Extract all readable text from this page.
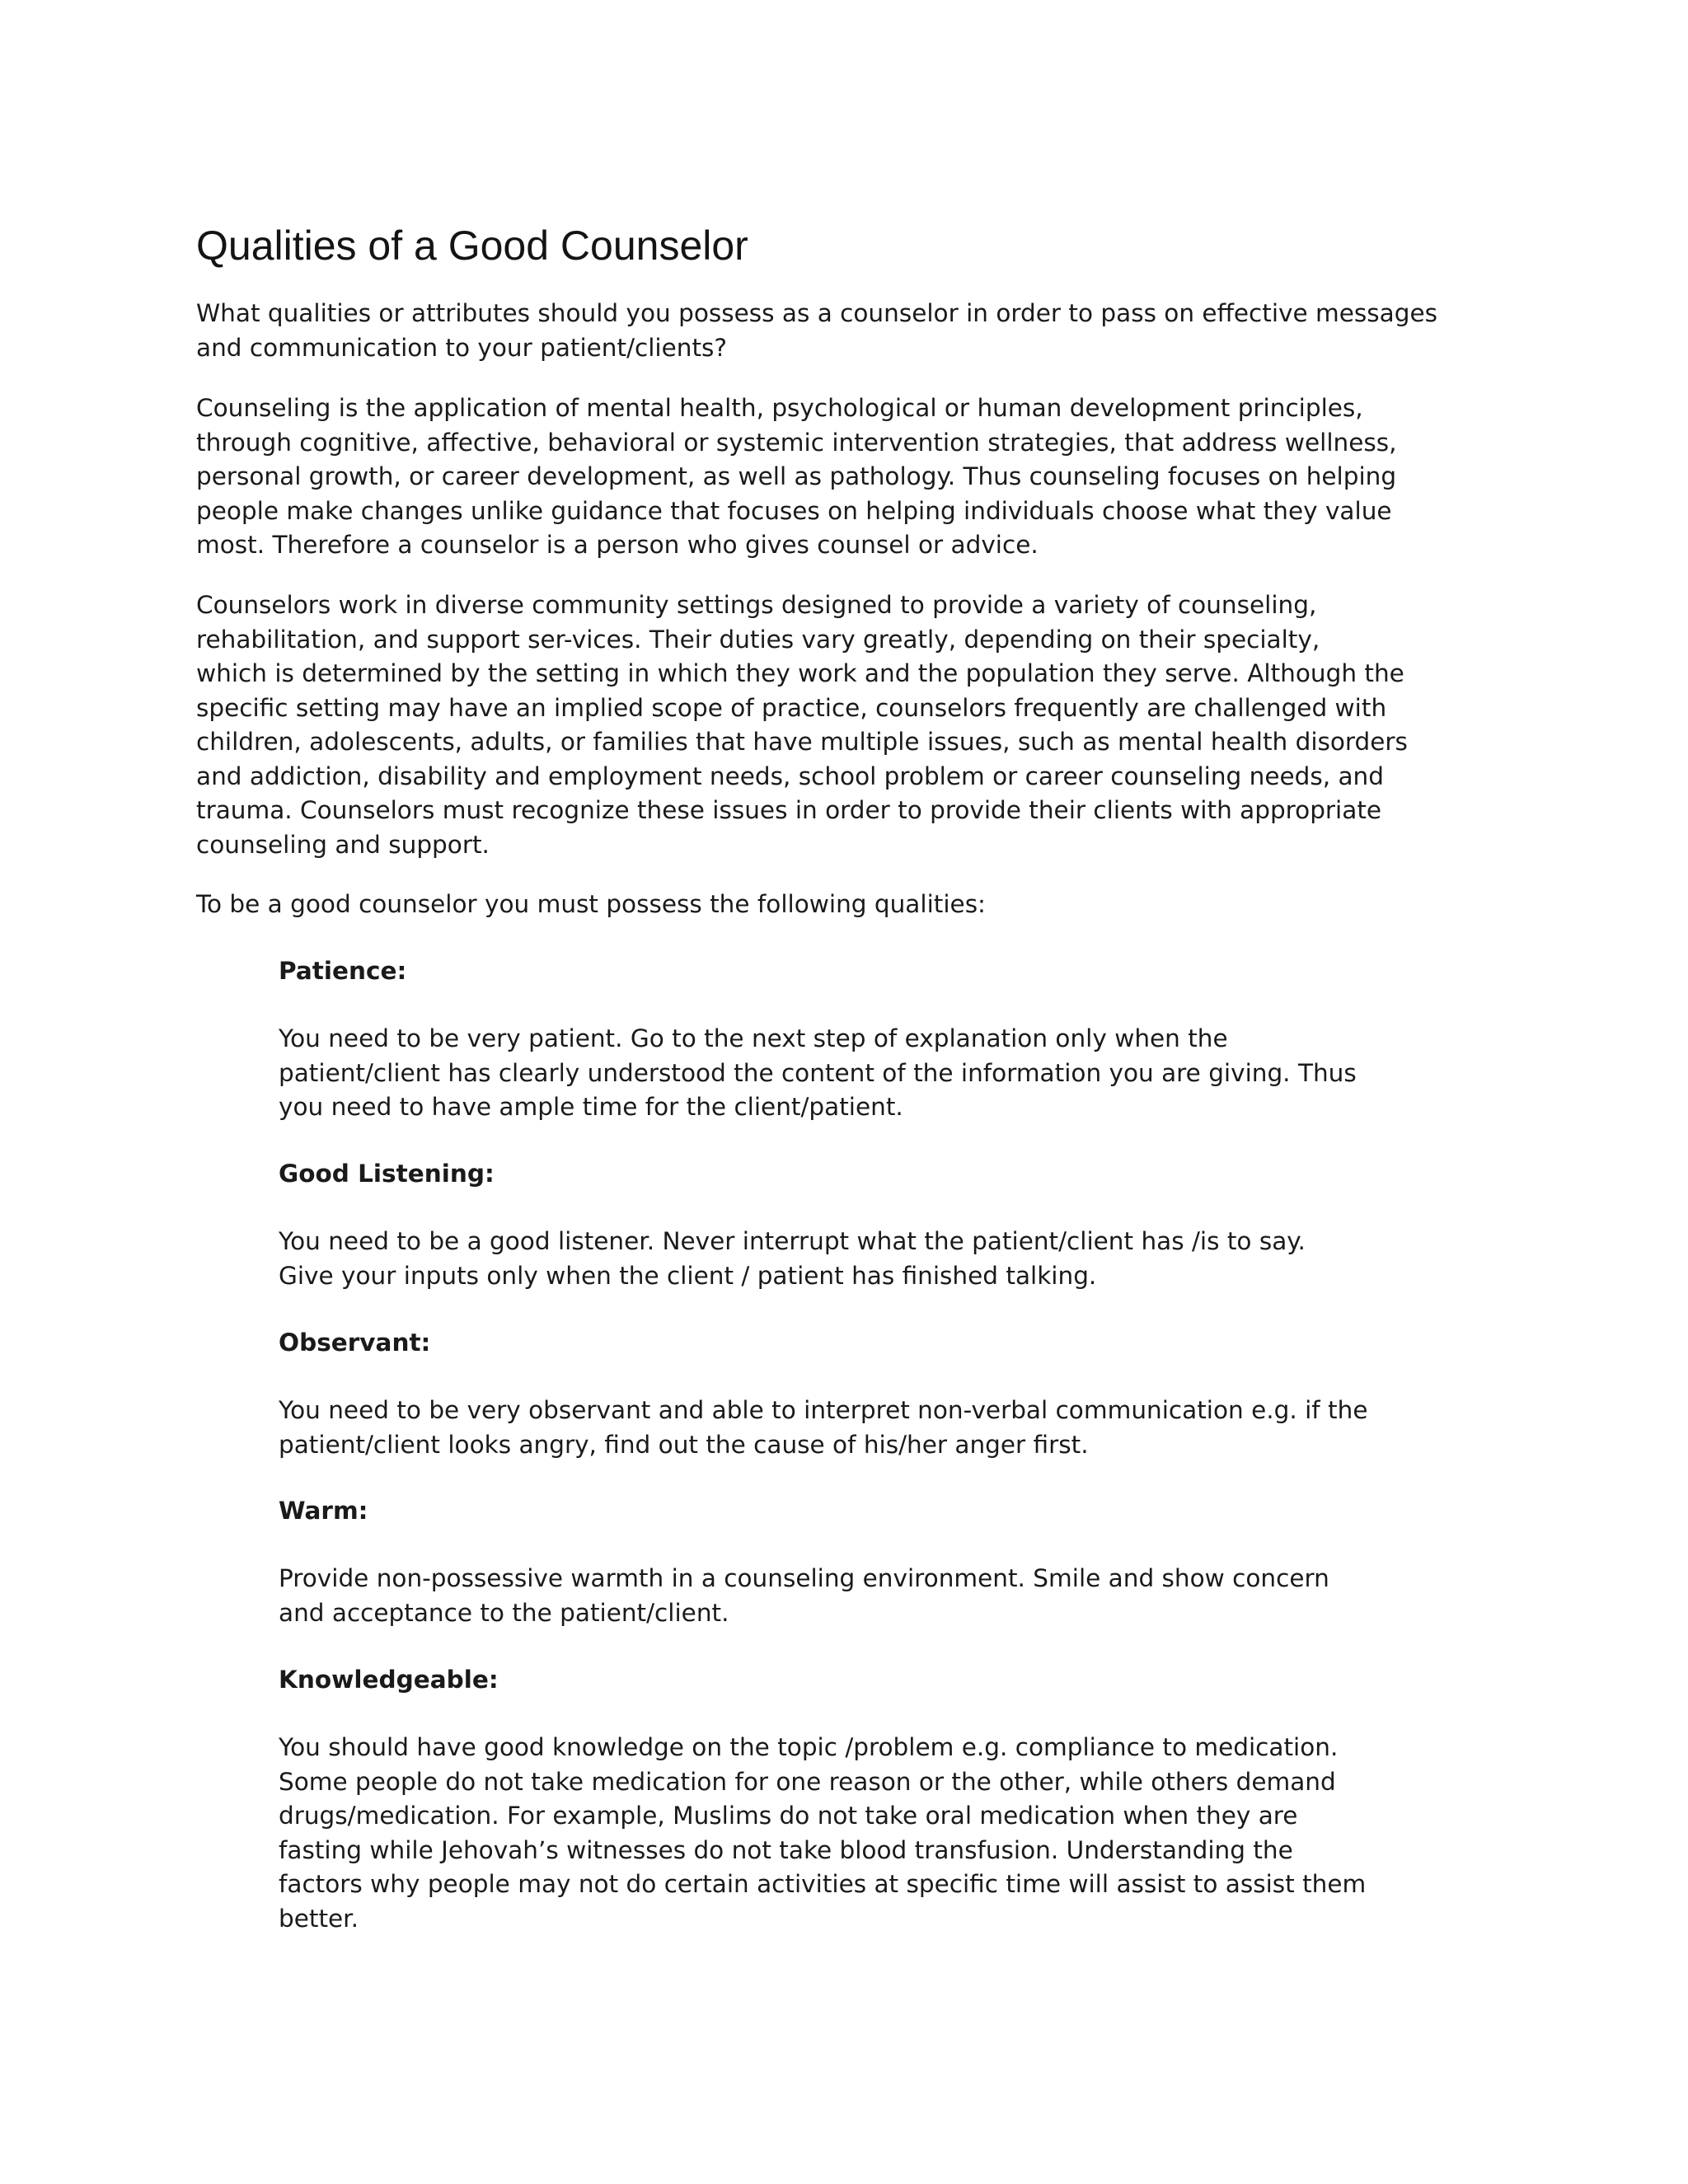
Qualities of a Good Counselor

What qualities or attributes should you possess as a counselor in order to pass on effective messages
and communication to your patient/clients?

Counseling is the application of mental health, psychological or human development principles,
through cognitive, affective, behavioral or systemic intervention strategies, that address wellness,
personal growth, or career development, as well as pathology. Thus counseling focuses on helping
people make changes unlike guidance that focuses on helping individuals choose what they value
most. Therefore a counselor is a person who gives counsel or advice.

Counselors work in diverse community settings designed to provide a variety of counseling,
rehabilitation, and support ser-vices. Their duties vary greatly, depending on their specialty,
which is determined by the setting in which they work and the population they serve. Although the
specific setting may have an implied scope of practice, counselors frequently are challenged with
children, adolescents, adults, or families that have multiple issues, such as mental health disorders
and addiction, disability and employment needs, school problem or career counseling needs, and
trauma. Counselors must recognize these issues in order to provide their clients with appropriate
counseling and support.

To be a good counselor you must possess the following qualities:

Patience:

You need to be very patient. Go to the next step of explanation only when the
patient/client has clearly understood the content of the information you are giving. Thus
you need to have ample time for the client/patient.

Good Listening:

You need to be a good listener. Never interrupt what the patient/client has /is to say.
Give your inputs only when the client / patient has finished talking.

Observant:

You need to be very observant and able to interpret non-verbal communication e.g. if the
patient/client looks angry, find out the cause of his/her anger first.

Warm:

Provide non-possessive warmth in a counseling environment. Smile and show concern
and acceptance to the patient/client.

Knowledgeable:

You should have good knowledge on the topic /problem e.g. compliance to medication.
Some people do not take medication for one reason or the other, while others demand
drugs/medication. For example, Muslims do not take oral medication when they are
fasting while Jehovah’s witnesses do not take blood transfusion. Understanding the
factors why people may not do certain activities at specific time will assist to assist them
better.
